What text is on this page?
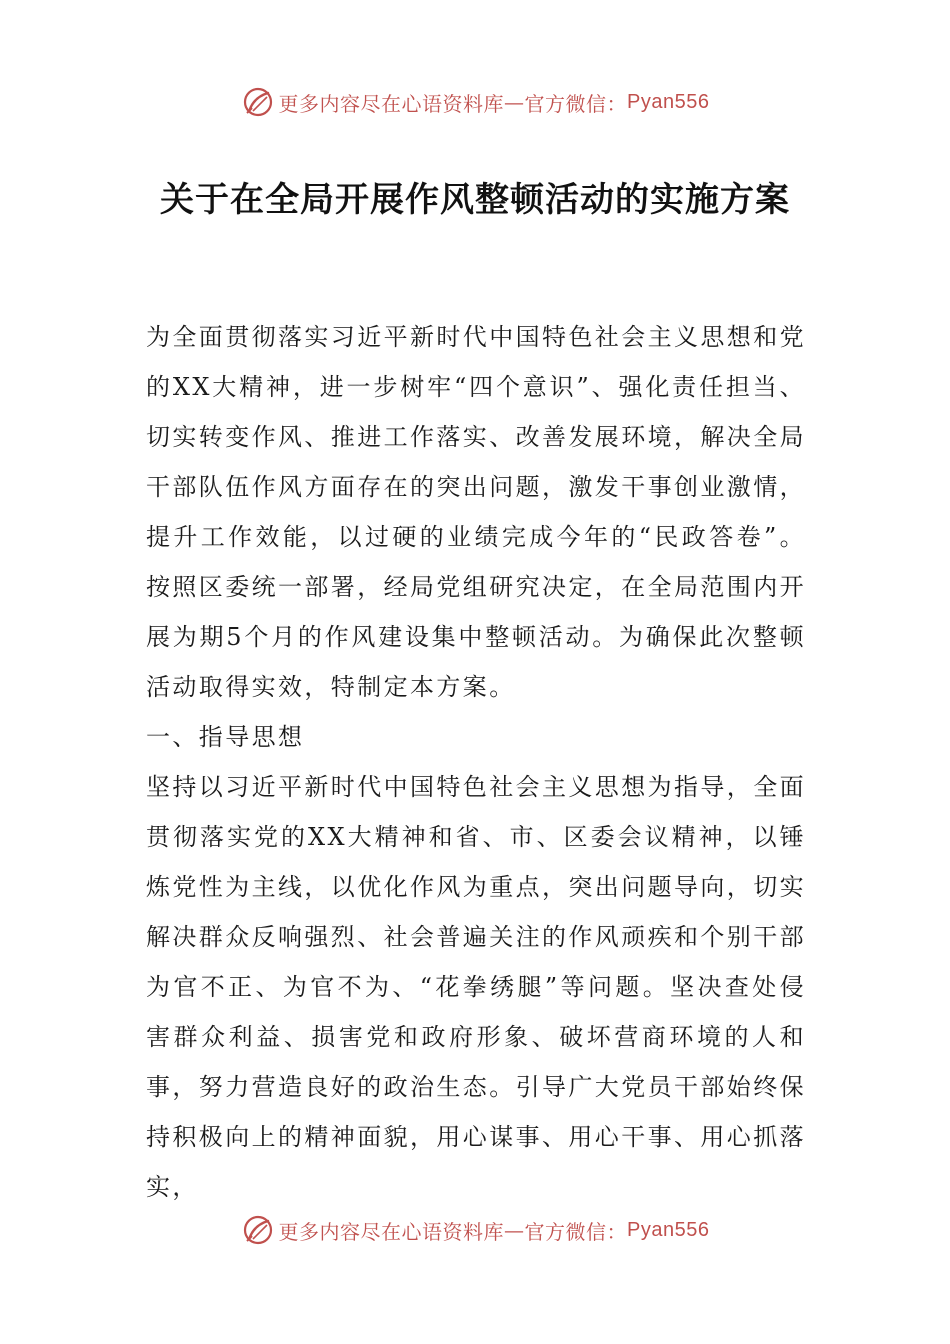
更多内容尽在心语资料库 — 官方微信： Pyan556
关于在全局开展作风整顿活动的实施方案

为全面贯彻落实习近平新时代中国特色社会主义思想和党的XX大精神，进一步树牢“四个意识”、强化责任担当、切实转变作风、推进工作落实、改善发展环境，解决全局干部队伍作风方面存在的突出问题，激发干事创业激情，提升工作效能，以过硬的业绩完成今年的“民政答卷”。按照区委统一部署，经局党组研究决定，在全局范围内开展为期5个月的作风建设集中整顿活动。为确保此次整顿活动取得实效，特制定本方案。

一、指导思想

坚持以习近平新时代中国特色社会主义思想为指导，全面贯彻落实党的XX大精神和省、市、区委会议精神，以锤炼党性为主线，以优化作风为重点，突出问题导向，切实解决群众反响强烈、社会普遍关注的作风顽疾和个别干部为官不正、为官不为、“花拳绣腿”等问题。坚决查处侵害群众利益、损害党和政府形象、破坏营商环境的人和事，努力营造良好的政治生态。引导广大党员干部始终保持积极向上的精神面貌，用心谋事、用心干事、用心抓落实，

更多内容尽在心语资料库 — 官方微信： Pyan556
